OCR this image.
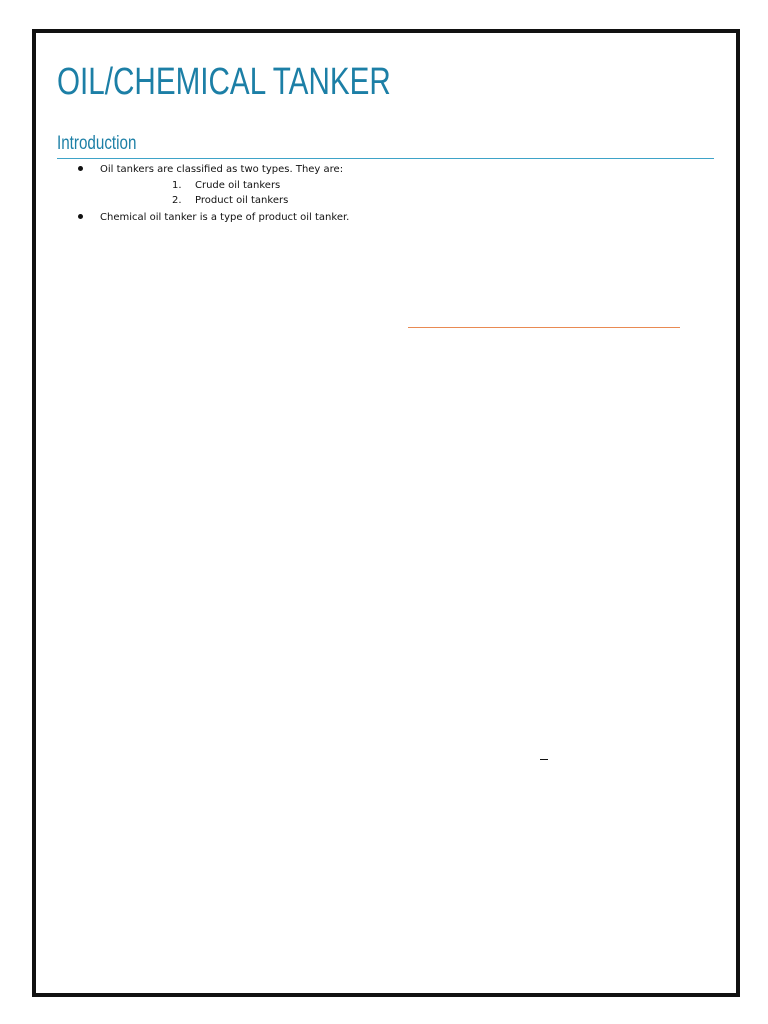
OIL/CHEMICAL TANKER
Introduction
Oil tankers are classified as two types. They are:
1. Crude oil tankers
2. Product oil tankers
Chemical oil tanker is a type of product oil tanker.
